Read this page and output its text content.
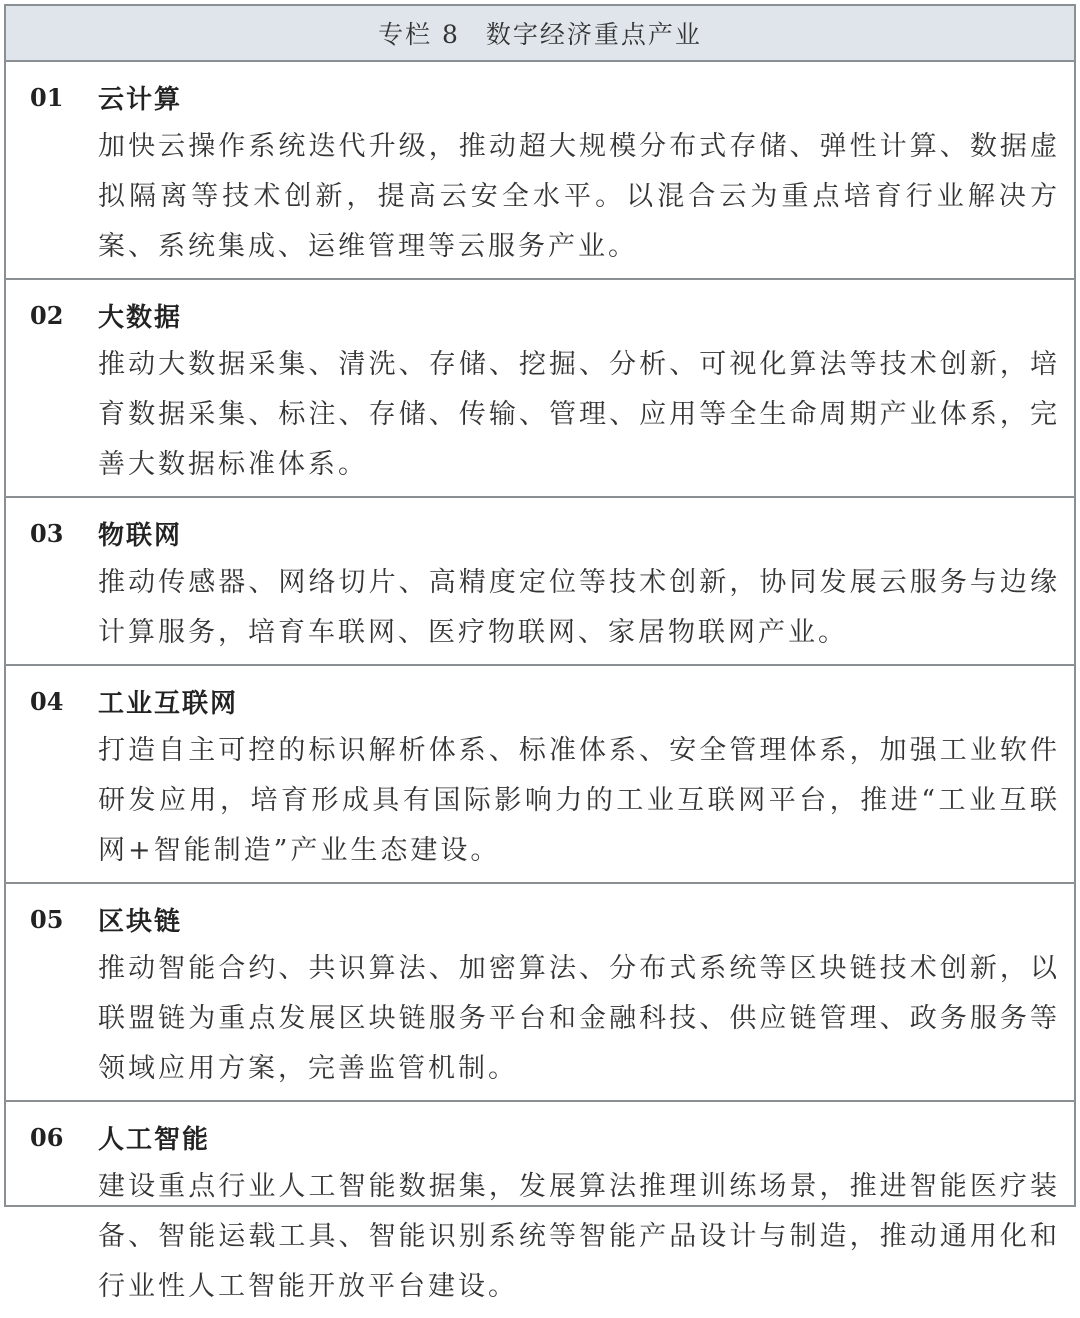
专栏 8 数字经济重点产业
01	云计算
加快云操作系统迭代升级，推动超大规模分布式存储、弹性计算、数据虚拟隔离等技术创新，提高云安全水平。以混合云为重点培育行业解决方案、系统集成、运维管理等云服务产业。
02	大数据
推动大数据采集、清洗、存储、挖掘、分析、可视化算法等技术创新，培育数据采集、标注、存储、传输、管理、应用等全生命周期产业体系，完善大数据标准体系。
03	物联网
推动传感器、网络切片、高精度定位等技术创新，协同发展云服务与边缘计算服务，培育车联网、医疗物联网、家居物联网产业。
04	工业互联网
打造自主可控的标识解析体系、标准体系、安全管理体系，加强工业软件研发应用，培育形成具有国际影响力的工业互联网平台，推进“工业互联网+智能制造”产业生态建设。
05	区块链
推动智能合约、共识算法、加密算法、分布式系统等区块链技术创新，以联盟链为重点发展区块链服务平台和金融科技、供应链管理、政务服务等领域应用方案，完善监管机制。
06	人工智能
建设重点行业人工智能数据集，发展算法推理训练场景，推进智能医疗装备、智能运载工具、智能识别系统等智能产品设计与制造，推动通用化和行业性人工智能开放平台建设。
